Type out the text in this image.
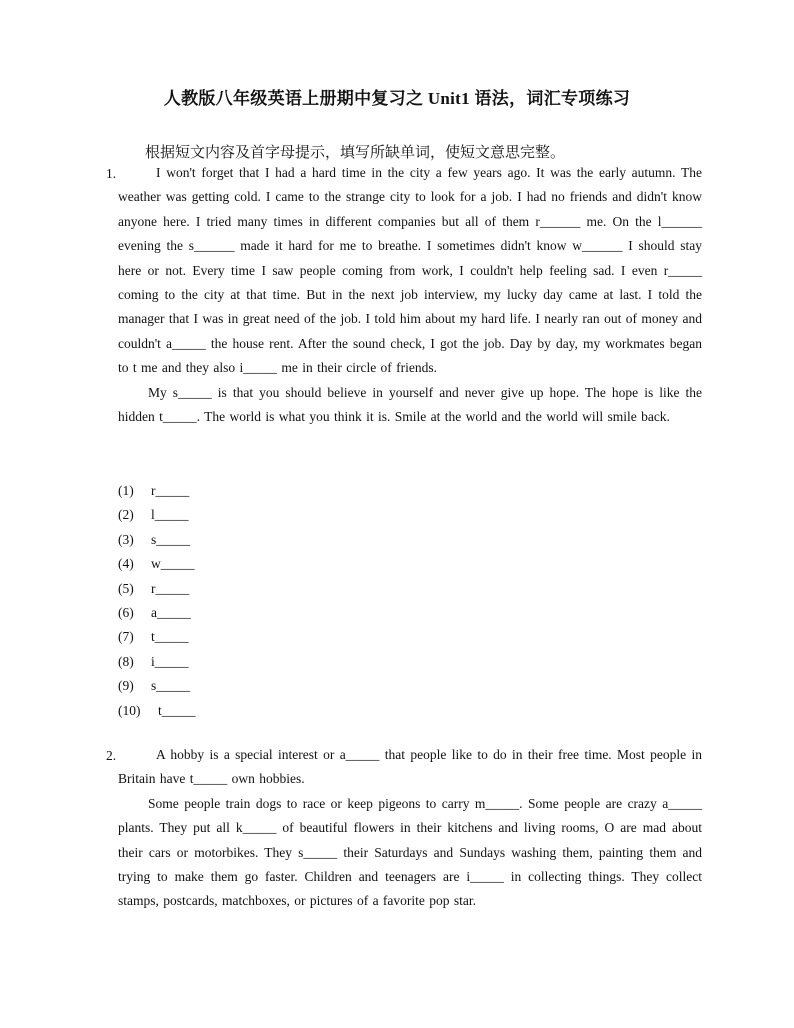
人教版八年级英语上册期中复习之 Unit1 语法，词汇专项练习
根据短文内容及首字母提示，填写所缺单词，使短文意思完整。
1.	I won't forget that I had a hard time in the city a few years ago. It was the early autumn. The weather was getting cold. I came to the strange city to look for a job. I had no friends and didn't know anyone here. I tried many times in different companies but all of them r______ me. On the l______ evening the s______ made it hard for me to breathe. I sometimes didn't know w______ I should stay here or not. Every time I saw people coming from work, I couldn't help feeling sad. I even r_____ coming to the city at that time. But in the next job interview, my lucky day came at last. I told the manager that I was in great need of the job. I told him about my hard life. I nearly ran out of money and couldn't a_____ the house rent. After the sound check, I got the job. Day by day, my workmates began to t me and they also i_____ me in their circle of friends.

My s_____ is that you should believe in yourself and never give up hope. The hope is like the hidden t_____. The world is what you think it is. Smile at the world and the world will smile back.

(1)	r_____
(2)	l_____
(3)	s_____
(4)	w_____
(5)	r_____
(6)	a_____
(7)	t_____
(8)	i_____
(9)	s_____
(10)	t_____
2.	A hobby is a special interest or a_____ that people like to do in their free time. Most people in Britain have t_____ own hobbies.

Some people train dogs to race or keep pigeons to carry m_____. Some people are crazy a_____ plants. They put all k_____ of beautiful flowers in their kitchens and living rooms, O are mad about their cars or motorbikes. They s_____ their Saturdays and Sundays washing them, painting them and trying to make them go faster. Children and teenagers are i_____ in collecting things. They collect stamps, postcards, matchboxes, or pictures of a favorite pop star.
